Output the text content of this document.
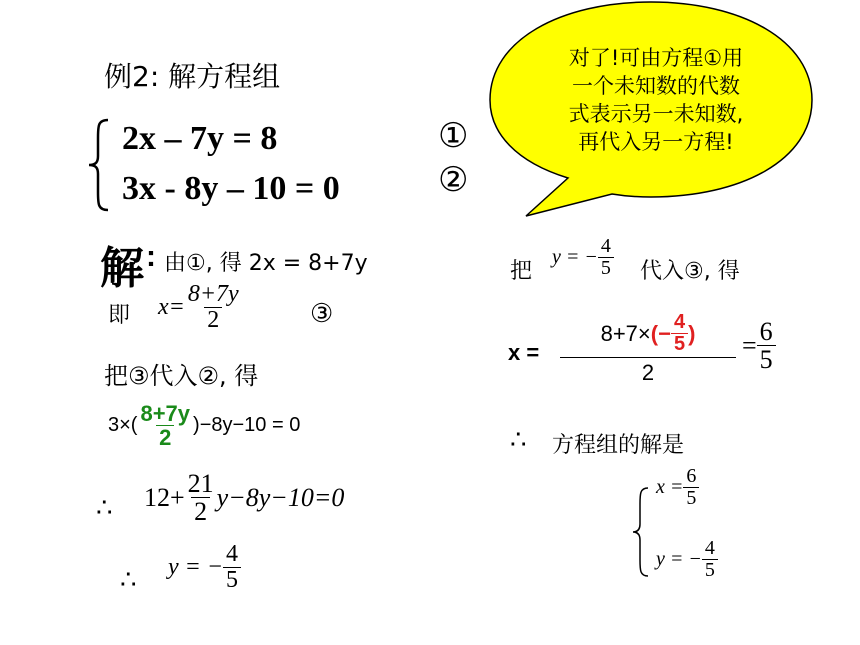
例2: 解方程组
2x – 7y = 8
3x - 8y – 10 = 0
①
②
对了!可由方程①用
一个未知数的代数
式表示另一未知数,
再代入另一方程!
解 : 由①, 得 2x = 8+7y
即 $x= \frac{8+7y}{2}$	③
把③代入②, 得
$3\times( \frac{8+7y}{2} )-8y-10 = 0$
∴ $12+ \frac{21}{2} y-8y-10=0$
∴ y = − $\frac{4}{5}$
把
y = − $\frac{4}{5}$ 代入③, 得
$x = \frac{8+7\times (- \frac{4}{5} )}{2} = \frac{6}{5}$
∴ 方程组的解是
$x = \frac{6}{5}$
y = − $\frac{4}{5}$
